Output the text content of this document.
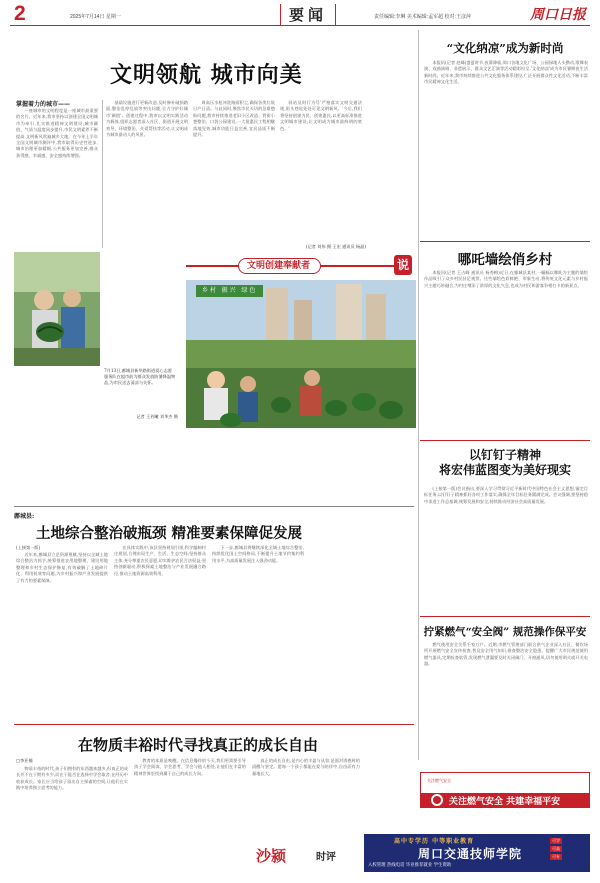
2	2025年7月14日 星期一	要闻	责任编辑:李琳 美术编辑:孟军超 校对:王彦萍	周口日报
文明领航 城市向美
掌握着力的城市——

一座城市的文明程度是一座城市最重要的名片。近年来,我市坚持以创建全国文明城市为牵引,扎实推进精神文明建设,城市颜值、气质与温度同步提升,市民文明素养不断提高,文明新风吹遍城乡大地。在今年上半年全国文明城市测评中,我市取得历史性进步,城市治理更加精细,公共服务更加完善,群众获得感、幸福感、安全感持续增强。

基础设施进行更新改造,及时修补破损路面,整治乱停乱放等突出问题,全力守护好城市'颜值'。创建过程中,我市以文明实践活动为载体,组织志愿者深入社区、街道开展文明劝导、环境整治、关爱帮扶等活动,让文明成为城市最动人的风景。

周高压水枪冲洗路面积尘,确保各类垃圾日产日清。与此同时,聚焦市民关切的急难愁盼问题,我市持续推进老旧小区改造、背街小巷整治、口袋公园建设,一大批惠民工程相继落地见效,城市功能日益完善,宜居品质不断提升。

驿站及时行为号'严格落实文明交通法规,街头巷尾处处可见文明新风。'今后,我们将坚持创建为民、创建惠民,以更高标准推进文明城市建设,让文明成为城市最鲜明的底色。'

(记者 刘伟 摄 王宏 通讯员 杨晶)
文明创建奉献者	说
7月13日,鄌城县新华路街道爱心志愿服务队在超市前为群众发放防暑降温物品,为市民送去清凉与关怀。
记者 王若曦 刘华杰 摄
乡村 振兴 绿色
鄌城县:
土地综合整治破瓶颈 精准要素保障促发展
(上接第一版)

近年来,鄌城县立足资源禀赋,坚持以全域土地综合整治为抓手,统筹推进农用地整理、建设用地整理和乡村生态保护修复,有效破解了土地碎片化、利用低效等问题,为乡村振兴和产业发展提供了有力的要素保障。

在具体实践中,该县坚持规划引领,科学编制村庄规划,合理布局生产、生活、生态空间;坚持群众主体,充分尊重农民意愿,切实维护农民合法权益;坚持创新驱动,积极探索土地整治与产业发展融合路径,推动土地资源高效利用。

下一步,鄌城县将继续深化全域土地综合整治,持续优化国土空间格局,不断提升土地节约集约利用水平,为高质量发展注入强劲动能。

“文化纳凉”成为新时尚

本报讯(记者 赵峰)盛夏时节,夜幕降临,周口各地文化广场、公园绿地人头攒动,歌舞表演、戏曲演唱、非遗展示、群众文艺汇演等活动精彩纷呈,'文化纳凉'成为市民暑期夜生活新时尚。近年来,我市持续推进公共文化服务体系建设,广泛开展群众性文化活动,不断丰富市民精神文化生活。

哪吒墙绘俏乡村

本报讯(记者 王占峰 通讯员 杨秀梅)近日,在鄌城县某村,一幅幅以哪吒为主题的墙绘作品吸引了众多村民驻足观赏。这些墙绘色彩鲜艳、形象生动,将传统文化元素与乡村振兴主题巧妙融合,为村庄增添了浓厚的文化气息,也成为村民和游客争相打卡的新景点。

以钉钉子精神
将宏伟蓝图变为美好现实

(上接第一版)会议指出,要深入学习贯彻习近平新时代中国特色社会主义思想,锚定目标任务,以钉钉子精神抓好各项工作落实,确保全年目标任务圆满完成。会议强调,要坚持稳中求进工作总基调,统筹发展和安全,持续推动经济社会高质量发展。

拧紧燃气“安全阀” 规范操作保平安

燃气使用安全关系千家万户。近期,市燃气管理部门联合供气企业深入社区、餐饮场所开展燃气安全宣传检查,普及安全用气知识,排查整治安全隐患。提醒广大市民规范使用燃气器具,定期检查软管,发现燃气泄漏要及时关闭阀门、开窗通风,切勿使用明火或开关电器。

关注燃气安全
关注燃气安全 共建幸福平安
在物质丰裕时代寻找真正的成长自由
□李亚楠

物质丰裕的时代,孩子们拥有的东西越来越多,但真正的成长并不在于拥有多少,而在于能否在选择中学会取舍,在经历中收获成长。家长应当给孩子留出自主探索的空间,让他们在实践中培养独立思考的能力。

教育的本质是唤醒。在信息爆炸的今天,我们更需要引导孩子学会阅读、学会思考、学会与他人相处,让他们在丰富的精神世界里找到属于自己的成长方向。

真正的成长自由,是内心的丰盈与从容,是面对诱惑时的清醒与坚定。愿每一个孩子都能在爱与陪伴中,自由而有力量地长大。

沙颍	时评
高中专学历 中等职业教育
周口交通技师学院
可学
可高
可专
入校管理 热线电话 毕业推荐就业 学生资助
